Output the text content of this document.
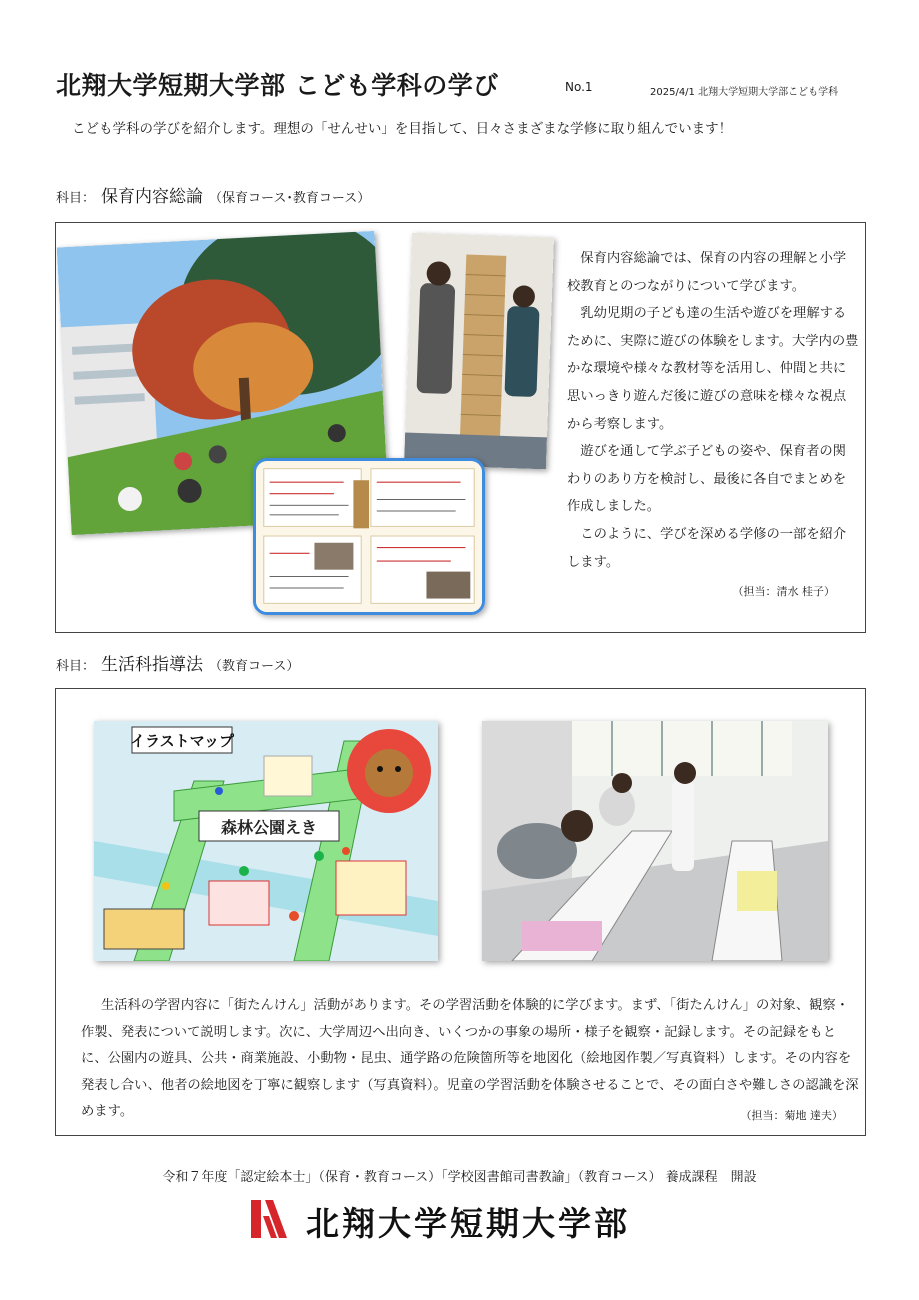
北翔大学短期大学部 こども学科の学び	No.1	2025/4/1 北翔大学短期大学部こども学科
こども学科の学びを紹介します。理想の「せんせい」を目指して、日々さまざまな学修に取り組んでいます！
科目： 保育内容総論 （保育コース･教育コース）

保育内容総論では、保育の内容の理解と小学校教育とのつながりについて学びます。

乳幼児期の子ども達の生活や遊びを理解するために、実際に遊びの体験をします。大学内の豊かな環境や様々な教材等を活用し、仲間と共に思いっきり遊んだ後に遊びの意味を様々な視点から考察します。

遊びを通して学ぶ子どもの姿や、保育者の関わりのあり方を検討し、最後に各自でまとめを作成しました。

このように、学びを深める学修の一部を紹介します。

（担当：清水 桂子）
科目： 生活科指導法 （教育コース）
イラストマップ
森林公園えき

生活科の学習内容に「街たんけん」活動があります。その学習活動を体験的に学びます。まず、「街たんけん」の対象、観察・作製、発表について説明します。次に、大学周辺へ出向き、いくつかの事象の場所・様子を観察・記録します。その記録をもとに、公園内の遊具、公共・商業施設、小動物・昆虫、通学路の危険箇所等を地図化（絵地図作製／写真資料）します。その内容を発表し合い、他者の絵地図を丁寧に観察します（写真資料）。児童の学習活動を体験させることで、その面白さや難しさの認識を深めます。	（担当：菊地 達夫）
令和７年度「認定絵本士」（保育・教育コース）「学校図書館司書教諭」（教育コース） 養成課程　開設
北翔大学短期大学部
